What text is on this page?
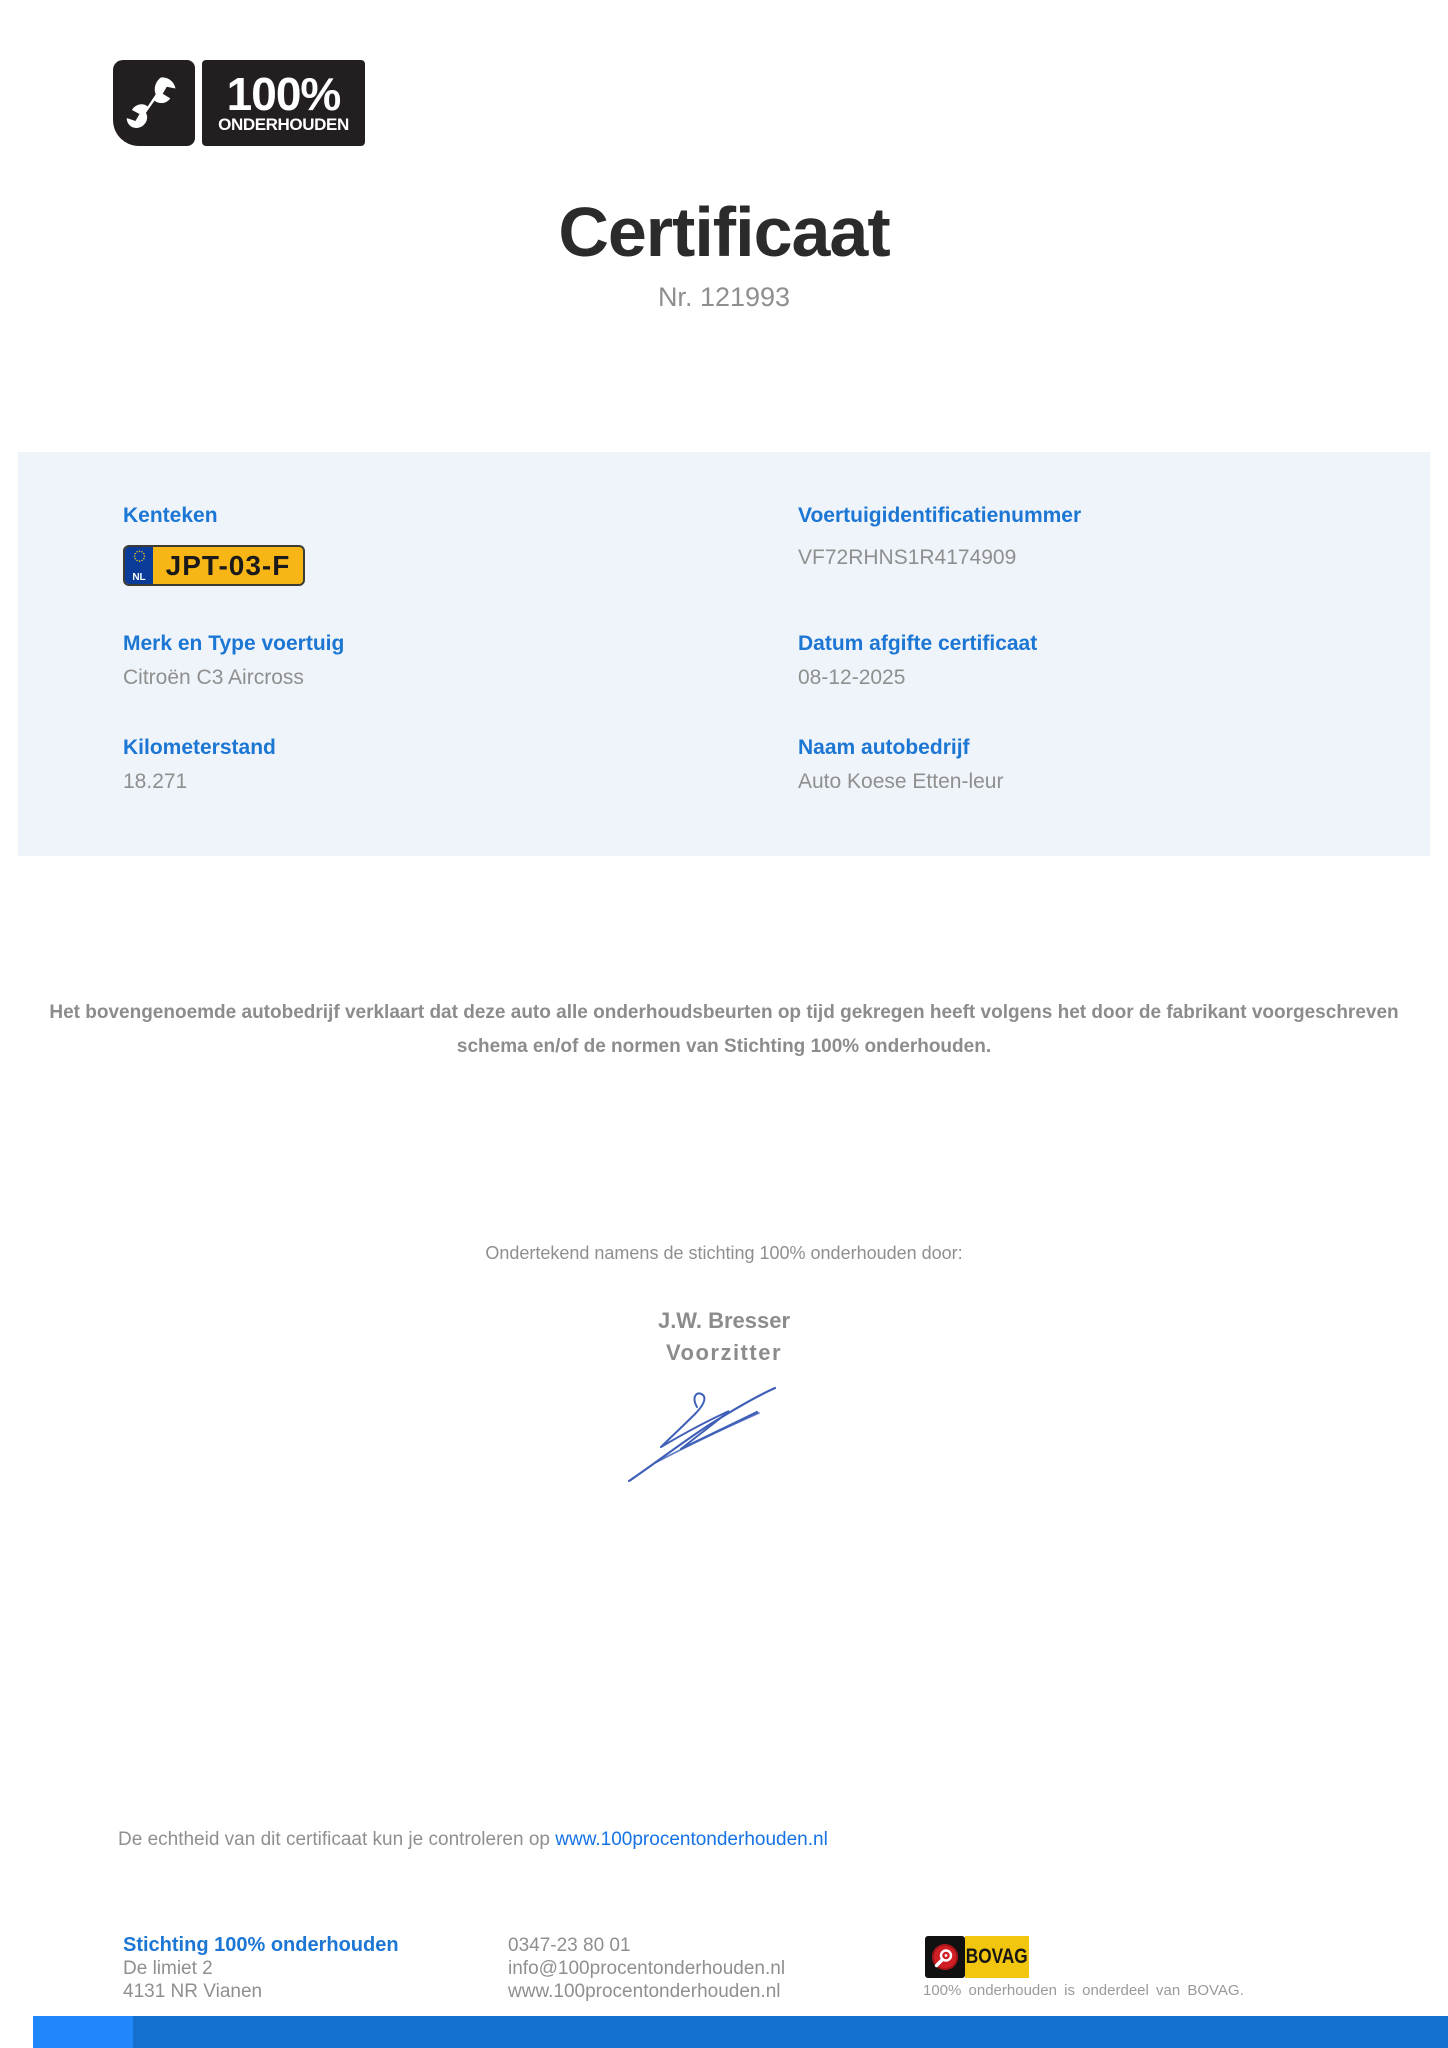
100%
ONDERHOUDEN
Certificaat
Nr. 121993
Kenteken
NL JPT-03-F
Voertuigidentificatienummer
VF72RHNS1R4174909
Merk en Type voertuig
Citroën C3 Aircross
Datum afgifte certificaat
08-12-2025
Kilometerstand
18.271
Naam autobedrijf
Auto Koese Etten-leur

Het bovengenoemde autobedrijf verklaart dat deze auto alle onderhoudsbeurten op tijd gekregen heeft volgens het door de fabrikant voorgeschreven schema en/of de normen van Stichting 100% onderhouden.

Ondertekend namens de stichting 100% onderhouden door:
J.W. Bresser
Voorzitter
De echtheid van dit certificaat kun je controleren op www.100procentonderhouden.nl
Stichting 100% onderhouden
De limiet 2
4131 NR Vianen
0347-23 80 01
info@100procentonderhouden.nl
www.100procentonderhouden.nl
BOVAG
100% onderhouden is onderdeel van BOVAG.
